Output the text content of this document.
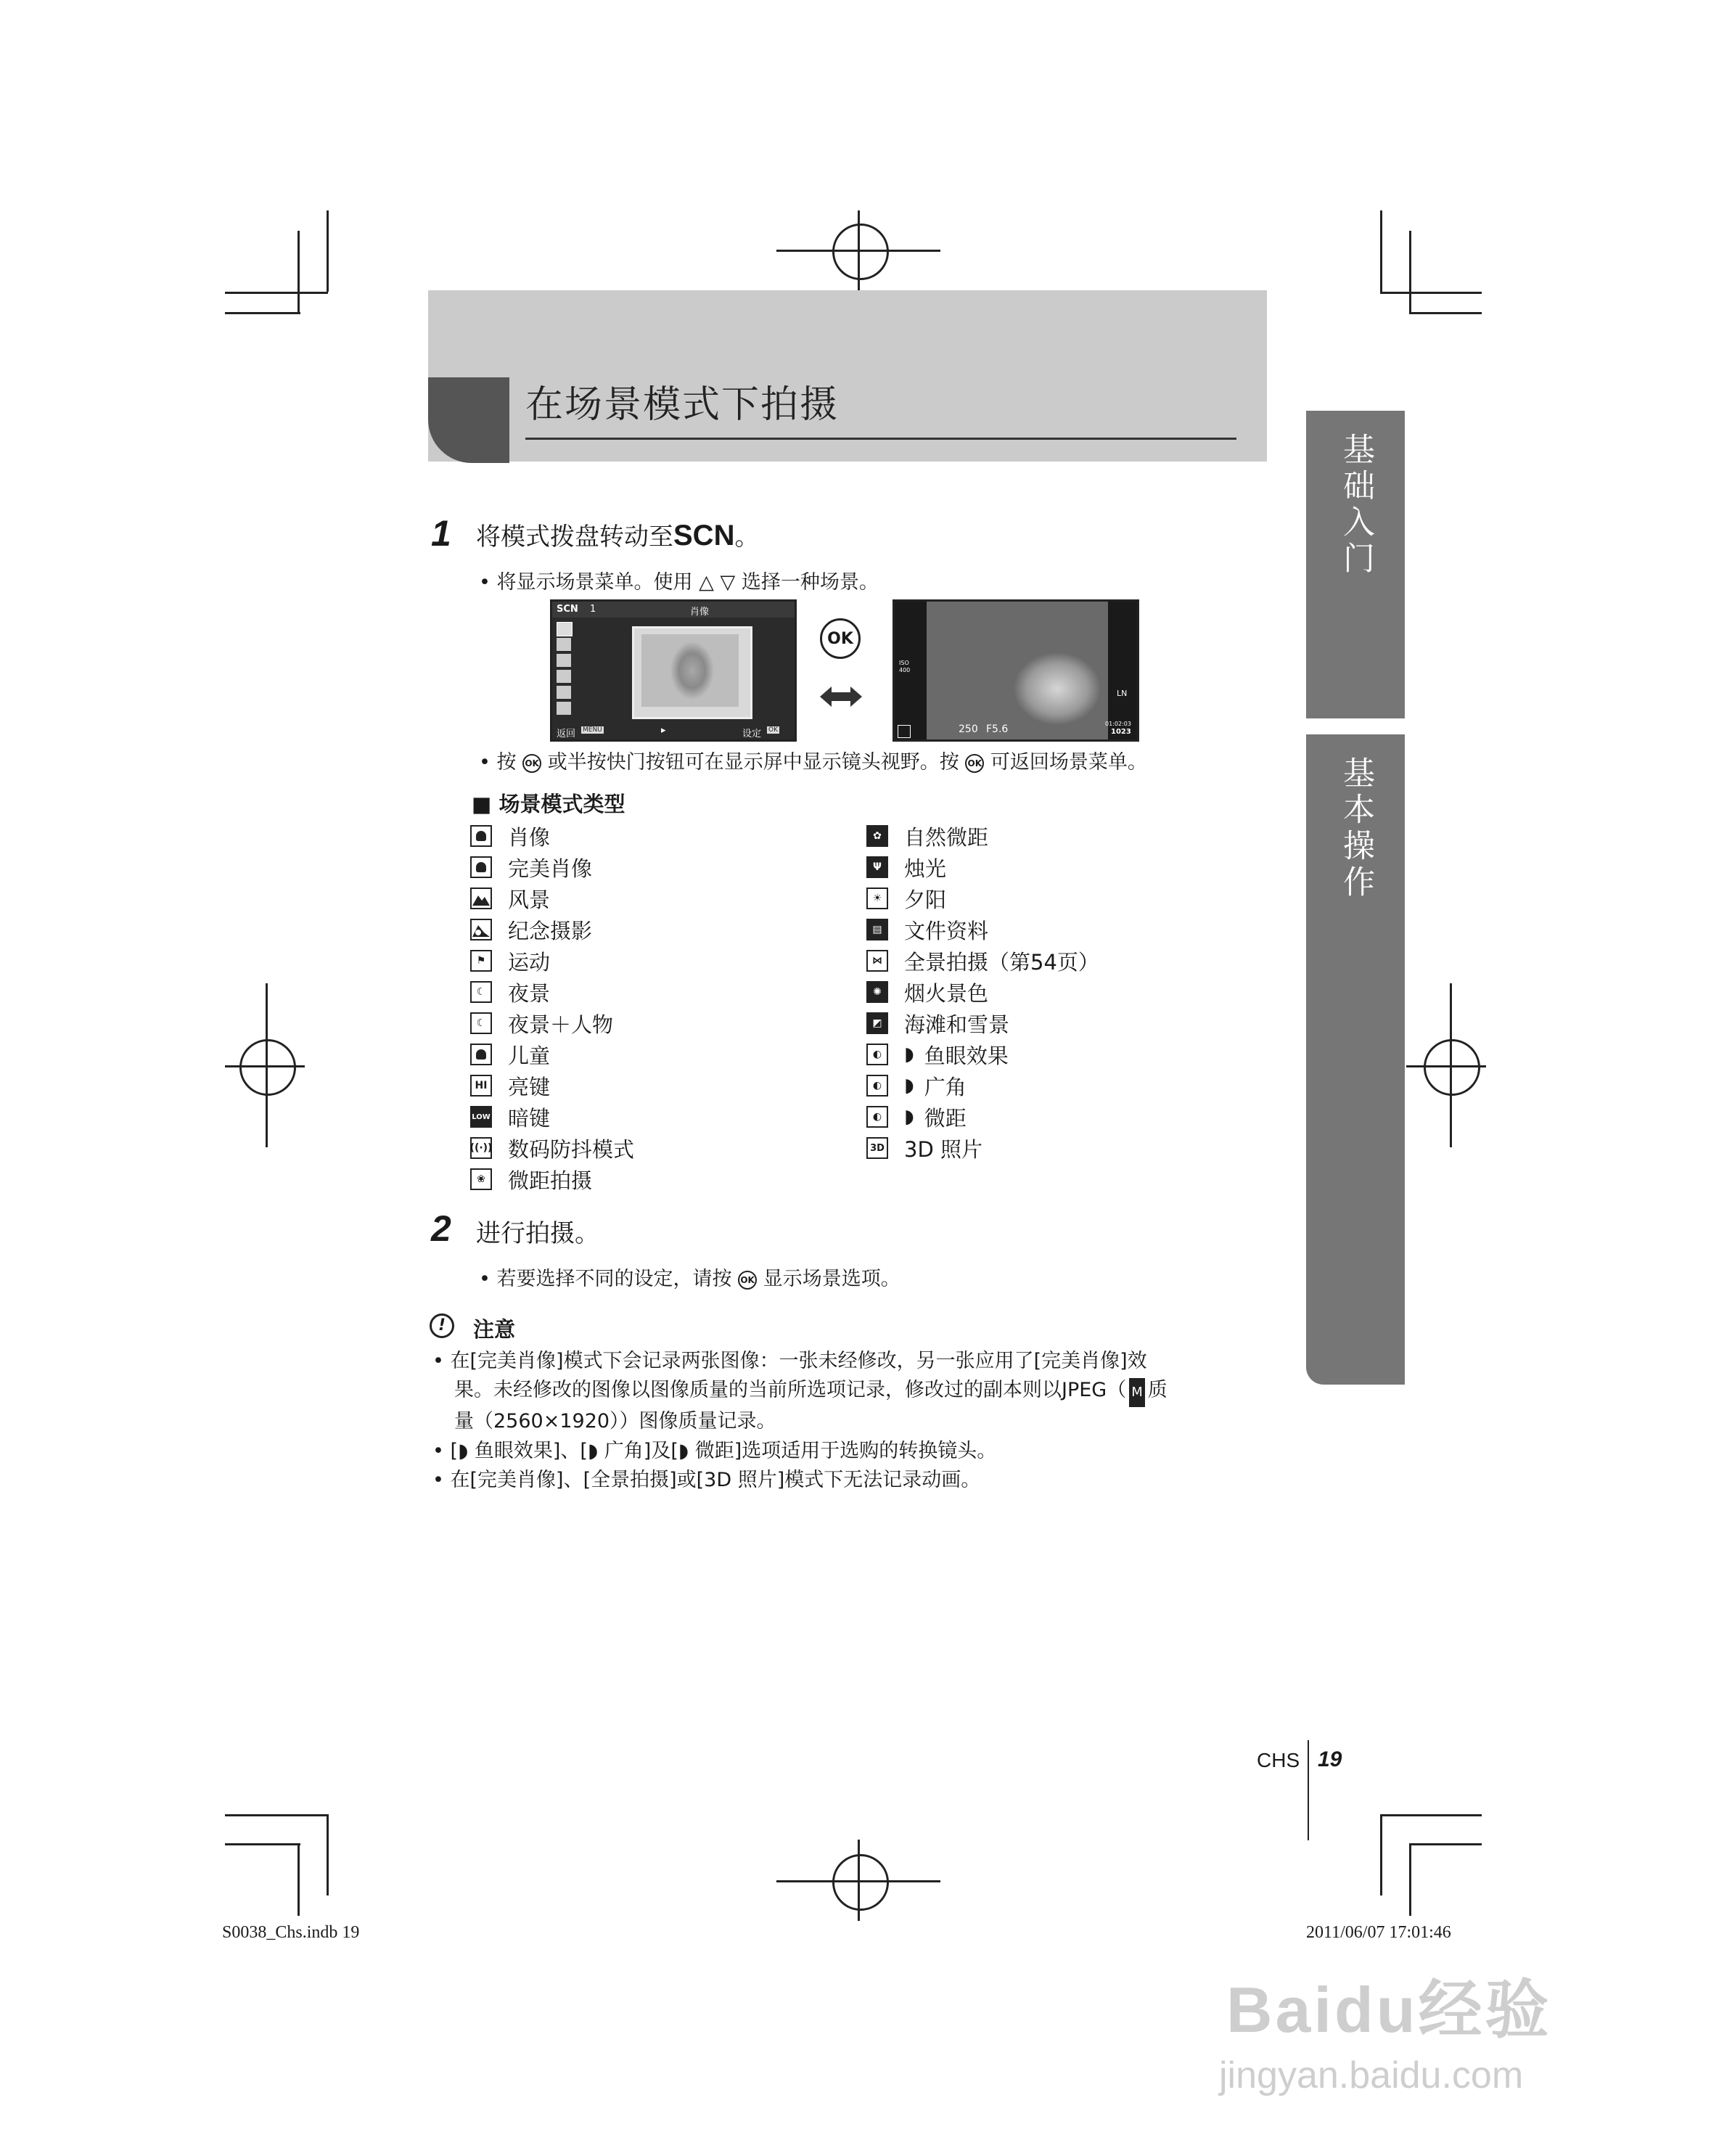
在场景模式下拍摄
基础入门
基本操作
1 将模式拨盘转动至SCN。
• 将显示场景菜单。使用 △ ▽ 选择一种场景。
SCN 1	肖像
返回 MENU	▸	设定 OK
OK
ISO
400
250 F5.6
LN
01:02:03
1023
• 按 OK 或半按快门按钮可在显示屏中显示镜头视野。按 OK 可返回场景菜单。
■ 场景模式类型
肖像
完美肖像
风景
纪念摄影
⚑	运动
☾	夜景
☾	夜景＋人物
儿童
HI 亮键
LOW 暗键
((·)) 数码防抖模式
❀	微距拍摄
✿	自然微距
Ψ	烛光
☀	夕阳
▤ 文件资料
⋈ 全景拍摄（第54页）
✺	烟火景色
◩ 海滩和雪景
◐	◗ 鱼眼效果
◐	◗ 广角
◐	◗ 微距
3D 3D 照片
2 进行拍摄。
• 若要选择不同的设定，请按 OK 显示场景选项。
!	注意
• 在[完美肖像]模式下会记录两张图像：一张未经修改，另一张应用了[完美肖像]效
果。未经修改的图像以图像质量的当前所选项记录，修改过的副本则以JPEG（ M 质
量（2560×1920））图像质量记录。
• [◗ 鱼眼效果]、[◗ 广角]及[◗ 微距]选项适用于选购的转换镜头。
• 在[完美肖像]、[全景拍摄]或[3D 照片]模式下无法记录动画。
CHS 19
S0038_Chs.indb 19	2011/06/07 17:01:46
Baidu经验
jingyan.baidu.com
